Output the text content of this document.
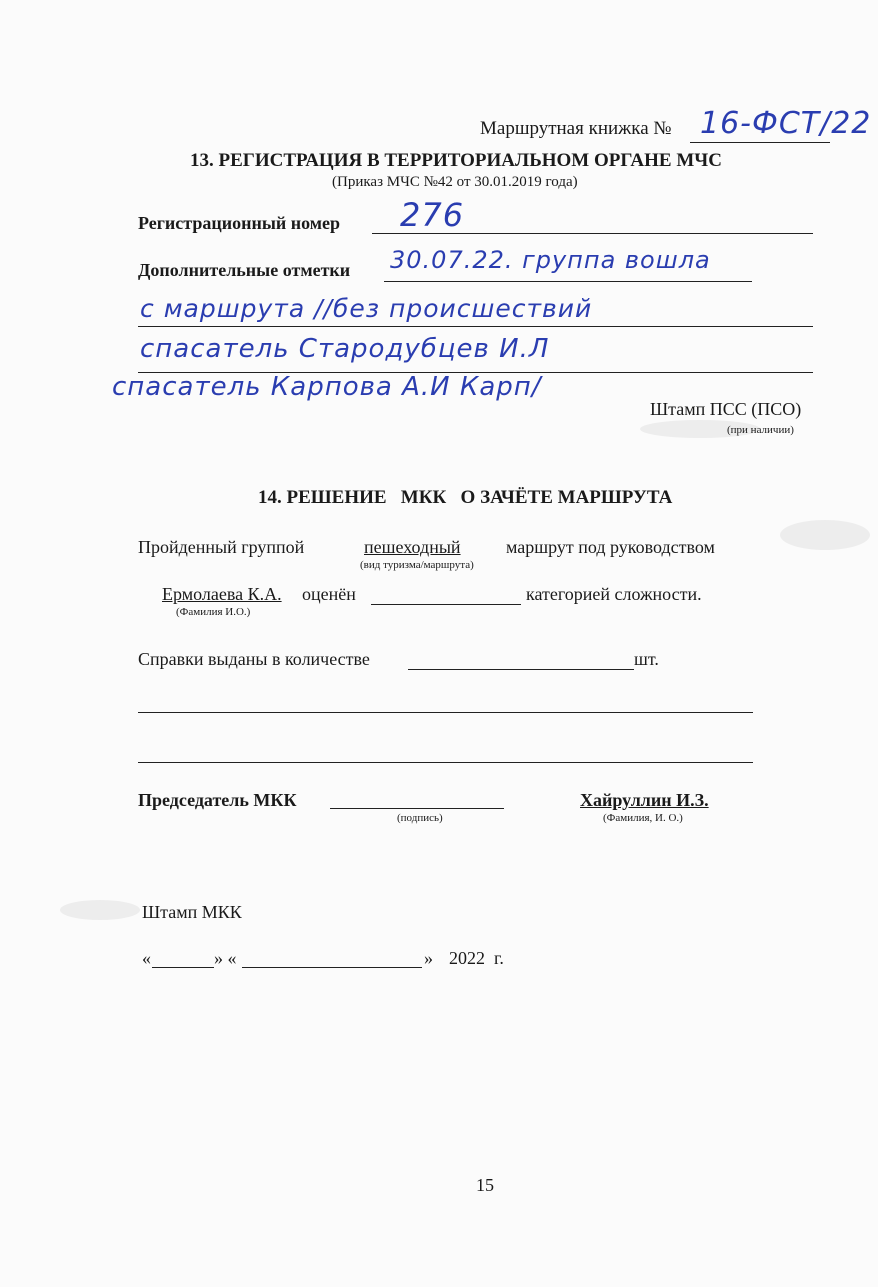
Маршрутная книжка № 16-ФСТ/22
13. РЕГИСТРАЦИЯ В ТЕРРИТОРИАЛЬНОМ ОРГАНЕ МЧС
(Приказ МЧС №42 от 30.01.2019 года)
Регистрационный номер 276
Дополнительные отметки 30.07.22. группа вошла
с маршрута //без происшествий
спасатель Стародубцев И.Л
спасатель Карпова А.И Карп/
Штамп ПСС (ПСО)
(при наличии)
14. РЕШЕНИЕ   МКК   О ЗАЧЁТЕ МАРШРУТА
Пройденный группой	пешеходный	маршрут под руководством
(вид туризма/маршрута)
Ермолаева К.А. оценён	категорией сложности.
(Фамилия И.О.)
Справки выданы в количестве	шт.
Председатель МКК
(подпись)
Хайруллин И.З.
(Фамилия, И. О.)
Штамп МКК
«	» «	» 2022  г.
15
